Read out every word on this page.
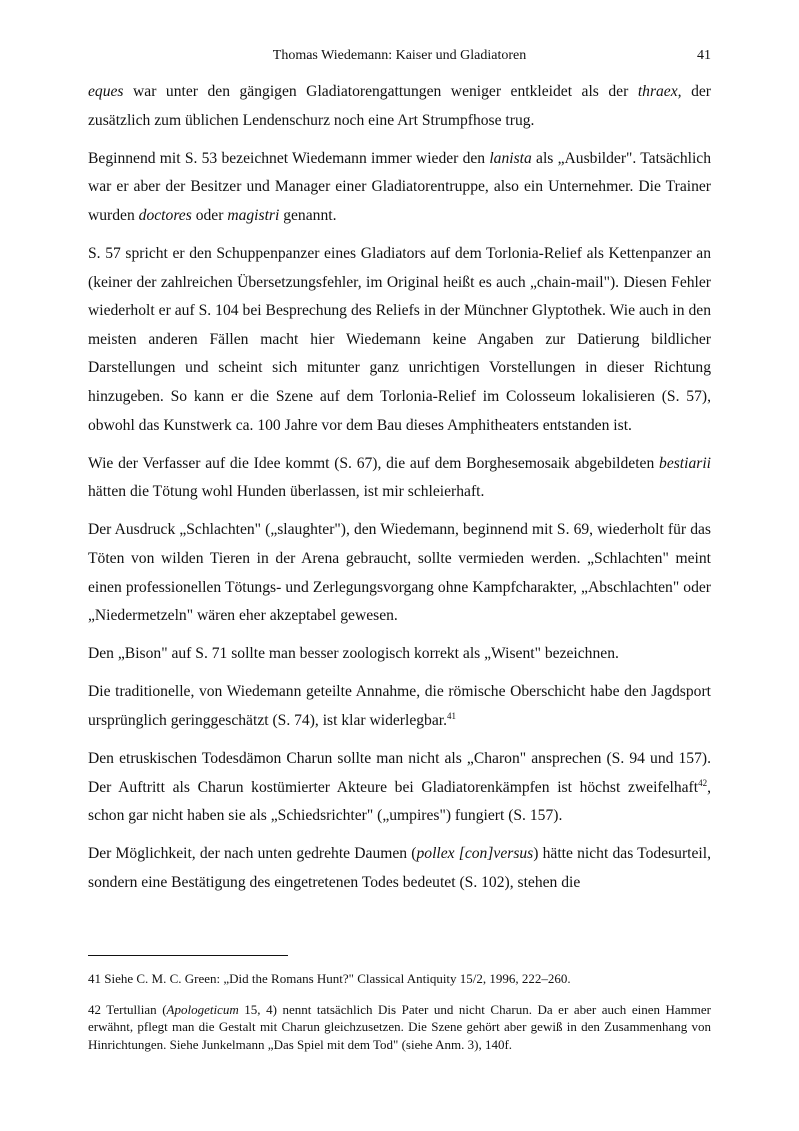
Thomas Wiedemann: Kaiser und Gladiatoren	41

eques war unter den gängigen Gladiatorengattungen weniger entkleidet als der thraex, der zusätzlich zum üblichen Lendenschurz noch eine Art Strumpfhose trug.

Beginnend mit S. 53 bezeichnet Wiedemann immer wieder den lanista als „Ausbilder". Tatsächlich war er aber der Besitzer und Manager einer Gladiatorentruppe, also ein Unternehmer. Die Trainer wurden doctores oder magistri genannt.

S. 57 spricht er den Schuppenpanzer eines Gladiators auf dem Torlonia-Relief als Kettenpanzer an (keiner der zahlreichen Übersetzungsfehler, im Original heißt es auch „chain-mail"). Diesen Fehler wiederholt er auf S. 104 bei Besprechung des Reliefs in der Münchner Glyptothek. Wie auch in den meisten anderen Fällen macht hier Wiedemann keine Angaben zur Datierung bildlicher Darstellungen und scheint sich mitunter ganz unrichtigen Vorstellungen in dieser Richtung hinzugeben. So kann er die Szene auf dem Torlonia-Relief im Colosseum lokalisieren (S. 57), obwohl das Kunstwerk ca. 100 Jahre vor dem Bau dieses Amphitheaters entstanden ist.

Wie der Verfasser auf die Idee kommt (S. 67), die auf dem Borghesemosaik abgebildeten bestiarii hätten die Tötung wohl Hunden überlassen, ist mir schleierhaft.

Der Ausdruck „Schlachten" („slaughter"), den Wiedemann, beginnend mit S. 69, wiederholt für das Töten von wilden Tieren in der Arena gebraucht, sollte vermieden werden. „Schlachten" meint einen professionellen Tötungs- und Zerlegungsvorgang ohne Kampfcharakter, „Abschlachten" oder „Niedermetzeln" wären eher akzeptabel gewesen.

Den „Bison" auf S. 71 sollte man besser zoologisch korrekt als „Wisent" bezeichnen.

Die traditionelle, von Wiedemann geteilte Annahme, die römische Oberschicht habe den Jagdsport ursprünglich geringgeschätzt (S. 74), ist klar widerlegbar.$^{41}$

Den etruskischen Todesdämon Charun sollte man nicht als „Charon" ansprechen (S. 94 und 157). Der Auftritt als Charun kostümierter Akteure bei Gladiatorenkämpfen ist höchst zweifelhaft$^{42}$, schon gar nicht haben sie als „Schiedsrichter" („umpires") fungiert (S. 157).

Der Möglichkeit, der nach unten gedrehte Daumen (pollex [con]versus) hätte nicht das Todesurteil, sondern eine Bestätigung des eingetretenen Todes bedeutet (S. 102), stehen die

41 Siehe C. M. C. Green: „Did the Romans Hunt?" Classical Antiquity 15/2, 1996, 222–260.

42 Tertullian (Apologeticum 15, 4) nennt tatsächlich Dis Pater und nicht Charun. Da er aber auch einen Hammer erwähnt, pflegt man die Gestalt mit Charun gleichzusetzen. Die Szene gehört aber gewiß in den Zusammenhang von Hinrichtungen. Siehe Junkelmann „Das Spiel mit dem Tod" (siehe Anm. 3), 140f.
